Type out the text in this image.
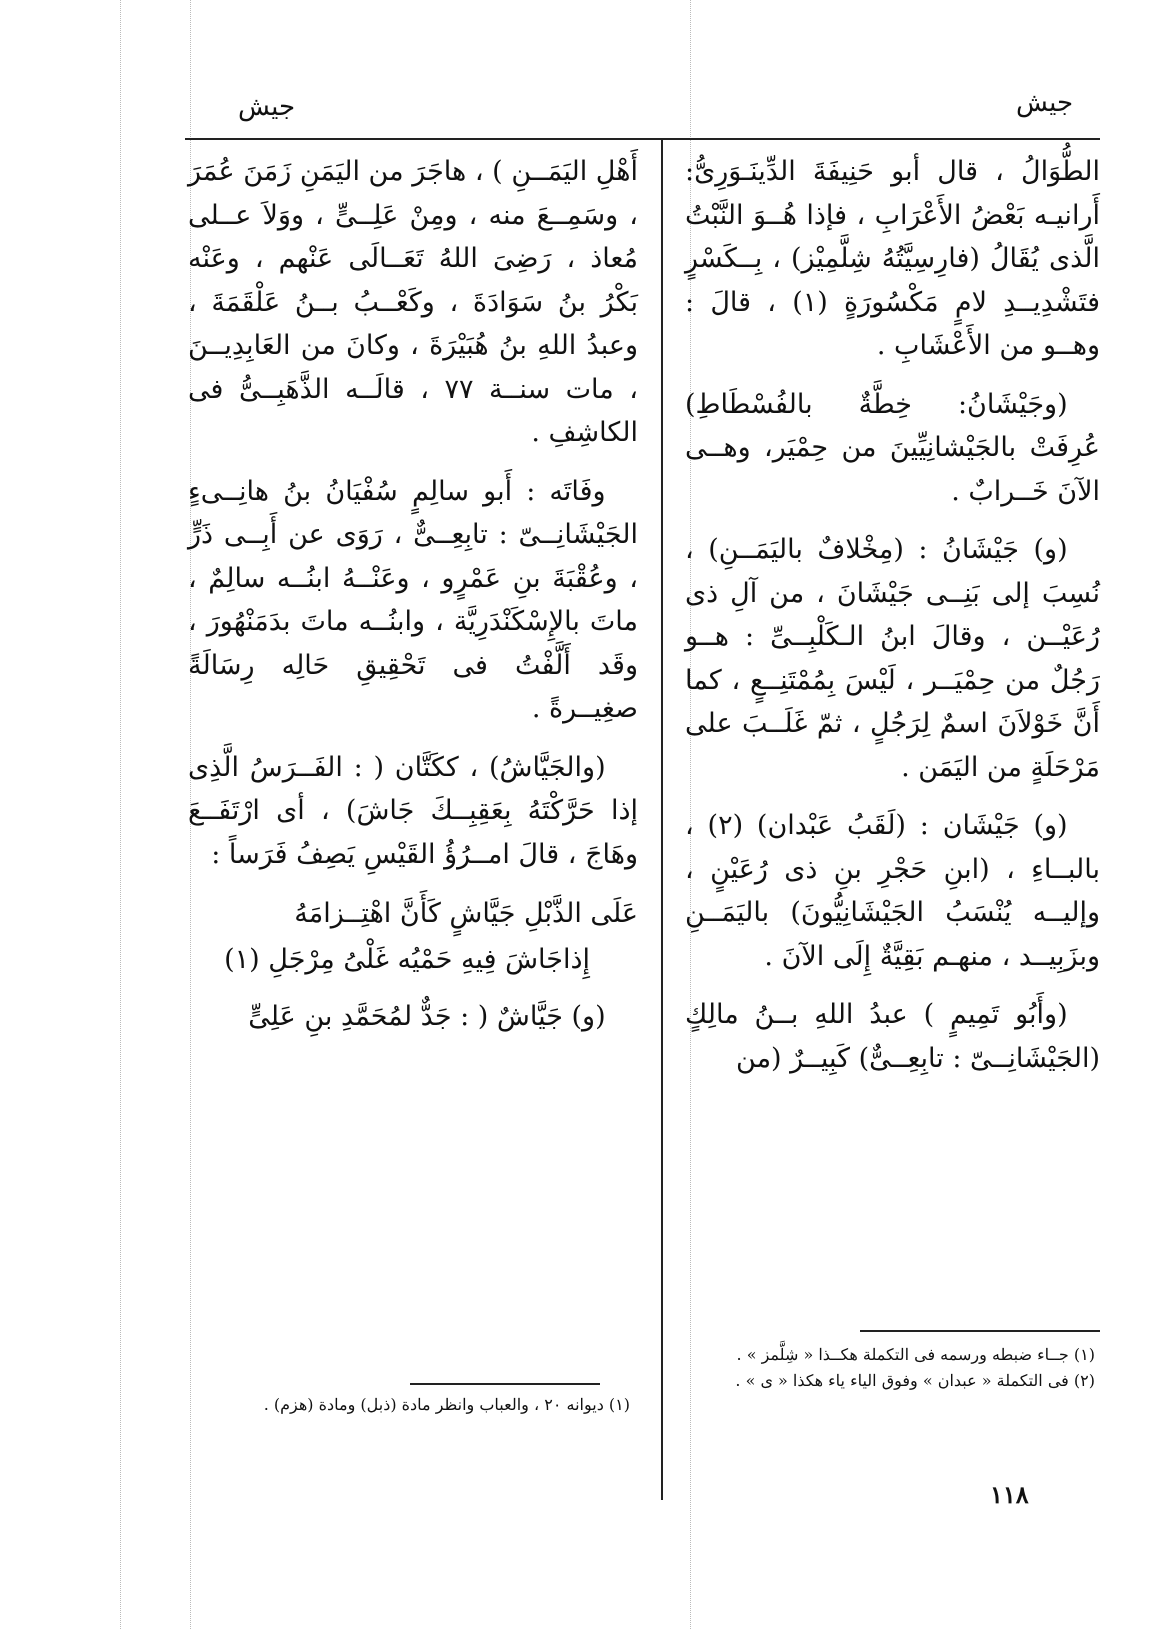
جيش	جيش

الطُّوَالُ ، قال أبو حَنِيفَةَ الدِّينَـوَرِىُّ: أَرانيـه بَعْضُ الأَعْرَابِ ، فإذا هُــوَ النَّبْتُ الَّذى يُقَالُ (فارِسِيَّتُهُ شِلَّمِيْز) ، بِــكَسْرٍ فتَشْدِيــدِ لامٍ مَكْسُورَةٍ (١) ، قالَ : وهــو من الأَعْشَابِ .

(وجَيْشَانُ: خِطَّةٌ بالفُسْطَاطِ) عُرِفَتْ بالجَيْشانِيِّينَ من حِمْيَر، وهــى الآنَ خَــرابٌ .

(و) جَيْشَانُ : (مِخْلافٌ باليَمَــنِ) ، نُسِبَ إلى بَنِــى جَيْشَانَ ، من آلِ ذى رُعَيْــن ، وقالَ ابنُ الـكَلْبِــىِّ : هــو رَجُلٌ من حِمْيَــر ، لَيْسَ بِمُمْتَنِــعٍ ، كما أَنَّ خَوْلاَنَ اسمٌ لِرَجُلٍ ، ثمّ غَلَــبَ على مَرْحَلَةٍ من اليَمَن .

(و) جَيْشَان : (لَقَبُ عَبْدان) (٢) ، بالبــاءِ ، (ابنِ حَجْرِ بنِ ذى رُعَيْنٍ ، وإليــه يُنْسَبُ الجَيْشَانِيُّونَ) باليَمَــنِ وبزَبِيــد ، منهـم بَقِيَّةٌ إِلَى الآنَ .

(وأَبُو تَمِيمٍ ) عبدُ اللهِ بــنُ مالِكٍ (الجَيْشَانِــىّ : تابِعِــىٌّ) كَبِيــرٌ (من

(١) جــاء ضبطه ورسمه فى التكملة هكــذا « شِلَّمز » .

(٢) فى التكملة « عبدان » وفوق الياء ياء هكذا « ى » .

أَهْلِ اليَمَــنِ ) ، هاجَرَ من اليَمَنِ زَمَنَ عُمَرَ ، وسَمِــعَ منه ، ومِنْ عَلِــىٍّ ، ووَلاَ عــلى مُعاذ ، رَضِىَ اللهُ تَعَــالَى عَنْهم ، وعَنْه بَكْرُ بنُ سَوَادَةَ ، وكَعْــبُ بــنُ عَلْقَمَةَ ، وعبدُ اللهِ بنُ هُبَيْرَةَ ، وكانَ من العَابِدِيــنَ ، مات سنــة ٧٧ ، قالَــه الذَّهَبِــىُّ فى الكاشِفِ .

وفَاتَه : أَبو سالِمٍ سُفْيَانُ بنُ هانِــىءٍ الجَيْشَانِــىّ : تابِعِــىٌّ ، رَوَى عن أَبِــى ذَرٍّ ، وعُقْبَةَ بنِ عَمْرٍو ، وعَنْــهُ ابنُــه سالِمٌ ، ماتَ بالإِسْكَنْدَرِيَّة ، وابنُــه ماتَ بدَمَنْهُورَ ، وقَد أَلَّفْتُ فى تَحْقِيقِ حَالِه رِسَالَةً صغِيــرةً .

(والجَيَّاشُ) ، ككَتَّان ( : الفَــرَسُ الَّذِى إذا حَرَّكْتَهُ بِعَقِبِــكَ جَاشَ) ، أى ارْتَفَــعَ وهَاجَ ، قالَ امــرُؤُ القَيْسِ يَصِفُ فَرَساً :

عَلَى الذَّبْلِ جَيَّاشٍ كَأَنَّ اهْتِــزامَهُ

إِذاجَاشَ فِيهِ حَمْيُه غَلْىُ مِرْجَلِ (١)

(و) جَيَّاشٌ ( : جَدٌّ لمُحَمَّدِ بنِ عَلِىٍّ

(١) ديوانه ٢٠ ، والعباب وانظر مادة (ذبل) ومادة (هزم) .

١١٨
